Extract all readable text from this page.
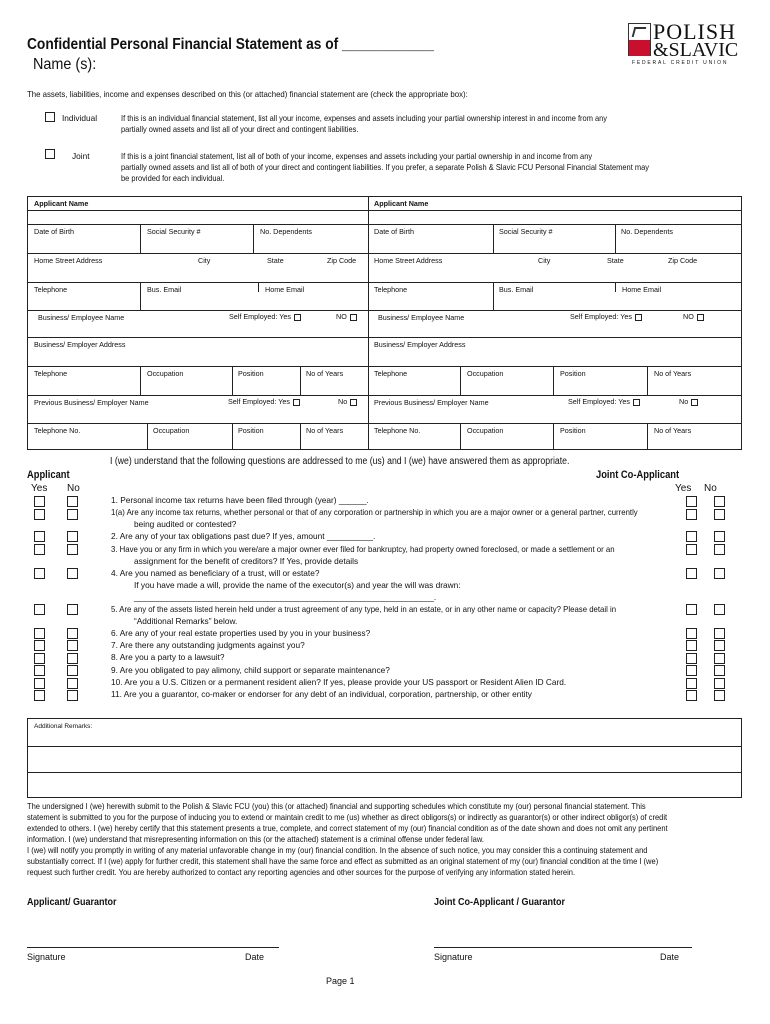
Confidential Personal Financial Statement as of ____________
Name (s):
POLISH
&SLAVIC
FEDERAL CREDIT UNION
The assets, liabilities, income and expenses described on this (or attached) financial statement are (check the appropriate box):
Individual	If this is an individual financial statement, list all your income, expenses and assets including your partial ownership interest in and income from any
partially owned assets and list all of your direct and contingent liabilities.
Joint	If this is a joint financial statement, list all of both of your income, expenses and assets including your partial ownership in and income from any
partially owned assets and list all of both of your direct and contingent liabilities. If you prefer, a separate Polish & Slavic FCU Personal Financial Statement may
be provided for each individual.
Applicant Name	Applicant Name
Date of Birth	Social Security #	No. Dependents	Date of Birth	Social Security #	No. Dependents
Home Street Address	City	State	Zip Code Home Street Address	City	State	Zip Code
Telephone	Bus. Email	Home Email	Telephone	Bus. Email	Home Email
Business/ Employee Name	Self Employed: Yes	NO	Business/ Employee Name	Self Employed: Yes	NO
Business/ Employer Address	Business/ Employer Address
Telephone	Occupation	Position	No of Years	Telephone	Occupation	Position	No of Years
Previous Business/ Employer Name	Self Employed: Yes	No	Previous Business/ Employer Name	Self Employed: Yes	No
Telephone No.	Occupation	Position	No of Years	Telephone No.	Occupation	Position	No of Years
I (we) understand that the following questions are addressed to me (us) and I (we) have answered them as appropriate.
Applicant	Joint Co-Applicant
Yes No	Yes No
1. Personal income tax returns have been filed through (year) ______.
1(a) Are any income tax returns, whether personal or that of any corporation or partnership in which you are a major owner or a general partner, currently
being audited or contested?
2. Are any of your tax obligations past due? If yes, amount __________.
3. Have you or any firm in which you were/are a major owner ever filed for bankruptcy, had property owned foreclosed, or made a settlement or an
assignment for the benefit of creditors? If Yes, provide details
4. Are you named as beneficiary of a trust, will or estate?
If you have made a will, provide the name of the executor(s) and year the will was drawn:
_________________________________________________________________.
5. Are any of the assets listed herein held under a trust agreement of any type, held in an estate, or in any other name or capacity? Please detail in
“Additional Remarks” below.
6. Are any of your real estate properties used by you in your business?
7. Are there any outstanding judgments against you?
8. Are you a party to a lawsuit?
9. Are you obligated to pay alimony, child support or separate maintenance?
10. Are you a U.S. Citizen or a permanent resident alien? If yes, please provide your US passport or Resident Alien ID Card.
11. Are you a guarantor, co-maker or endorser for any debt of an individual, corporation, partnership, or other entity
Additional Remarks:
The undersigned I (we) herewith submit to the Polish & Slavic FCU (you) this (or attached) financial and supporting schedules which constitute my (our) personal financial statement. This
statement is submitted to you for the purpose of inducing you to extend or maintain credit to me (us) whether as direct obligors(s) or indirectly as guarantor(s) or other indirect obligor(s) of credit
extended to others. I (we) hereby certify that this statement presents a true, complete, and correct statement of my (our) financial condition as of the date shown and does not omit any pertinent
information. I (we) understand that misrepresenting information on this (or the attached) statement is a criminal offense under federal law.
I (we) will notify you promptly in writing of any material unfavorable change in my (our) financial condition. In the absence of such notice, you may consider this a continuing statement and
substantially correct. If I (we) apply for further credit, this statement shall have the same force and effect as submitted as an original statement of my (our) financial condition at the time I (we)
request such further credit. You are hereby authorized to contact any reporting agencies and other sources for the purpose of verifying any information stated herein.
Applicant/ Guarantor	Joint Co-Applicant / Guarantor
Signature	Date	Signature	Date
Page 1
